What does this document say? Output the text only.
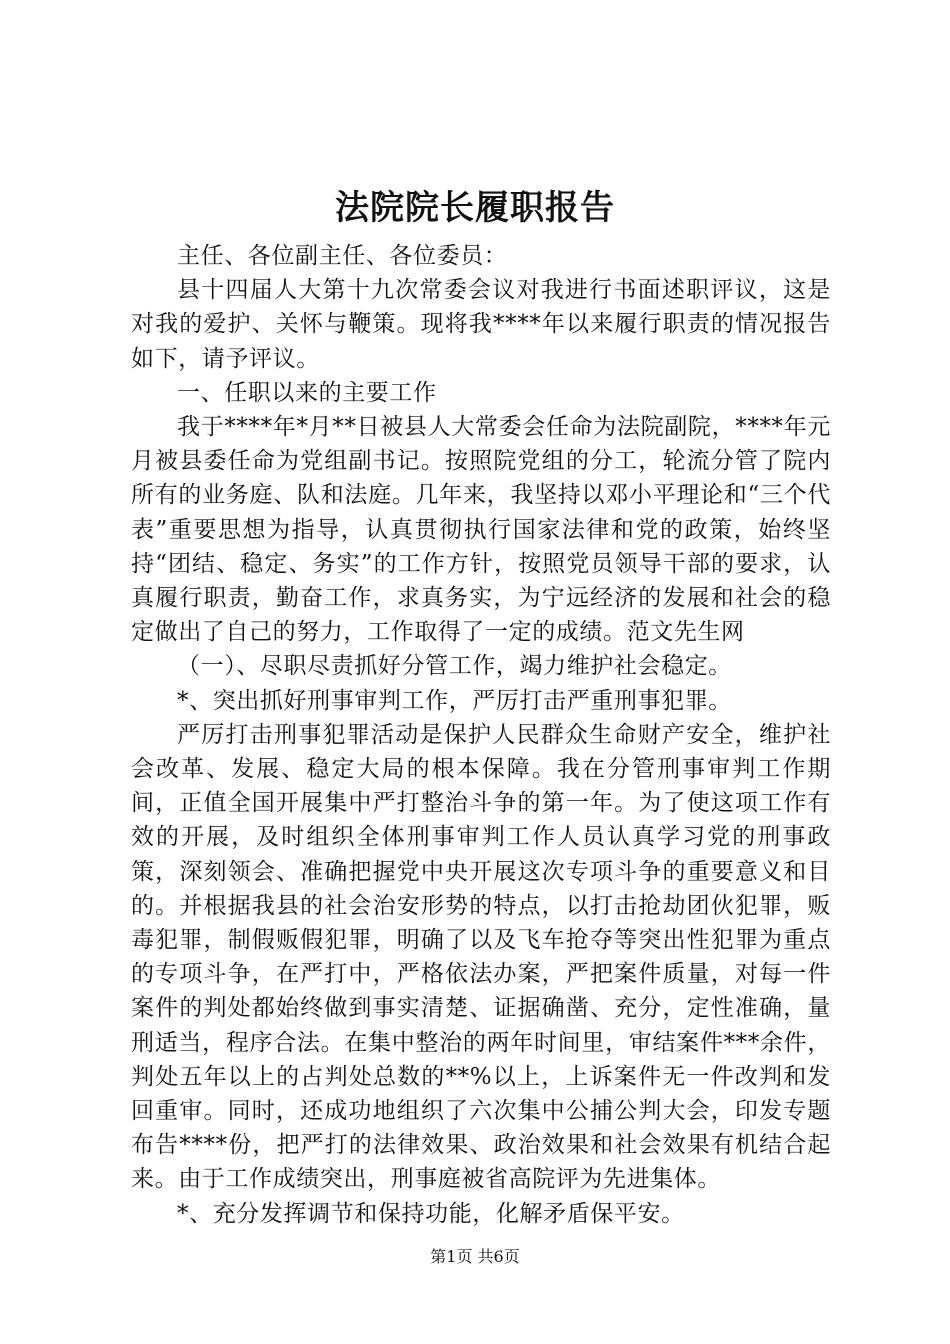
法院院长履职报告

主任、各位副主任、各位委员：

县十四届人大第十九次常委会议对我进行书面述职评议，这是对我的爱护、关怀与鞭策。现将我****年以来履行职责的情况报告如下，请予评议。

一、任职以来的主要工作

我于****年*月**日被县人大常委会任命为法院副院，****年元月被县委任命为党组副书记。按照院党组的分工，轮流分管了院内所有的业务庭、队和法庭。几年来，我坚持以邓小平理论和“三个代表”重要思想为指导，认真贯彻执行国家法律和党的政策，始终坚持“团结、稳定、务实”的工作方针，按照党员领导干部的要求，认真履行职责，勤奋工作，求真务实，为宁远经济的发展和社会的稳定做出了自己的努力，工作取得了一定的成绩。范文先生网

（一）、尽职尽责抓好分管工作，竭力维护社会稳定。

*、突出抓好刑事审判工作，严厉打击严重刑事犯罪。

严厉打击刑事犯罪活动是保护人民群众生命财产安全，维护社会改革、发展、稳定大局的根本保障。我在分管刑事审判工作期间，正值全国开展集中严打整治斗争的第一年。为了使这项工作有效的开展，及时组织全体刑事审判工作人员认真学习党的刑事政策，深刻领会、准确把握党中央开展这次专项斗争的重要意义和目的。并根据我县的社会治安形势的特点，以打击抢劫团伙犯罪，贩毒犯罪，制假贩假犯罪，明确了以及飞车抢夺等突出性犯罪为重点的专项斗争，在严打中，严格依法办案，严把案件质量，对每一件案件的判处都始终做到事实清楚、证据确凿、充分，定性准确，量刑适当，程序合法。在集中整治的两年时间里，审结案件***余件，判处五年以上的占判处总数的**%以上，上诉案件无一件改判和发回重审。同时，还成功地组织了六次集中公捕公判大会，印发专题布告****份，把严打的法律效果、政治效果和社会效果有机结合起来。由于工作成绩突出，刑事庭被省高院评为先进集体。

*、充分发挥调节和保持功能，化解矛盾保平安。

第1页 共6页
